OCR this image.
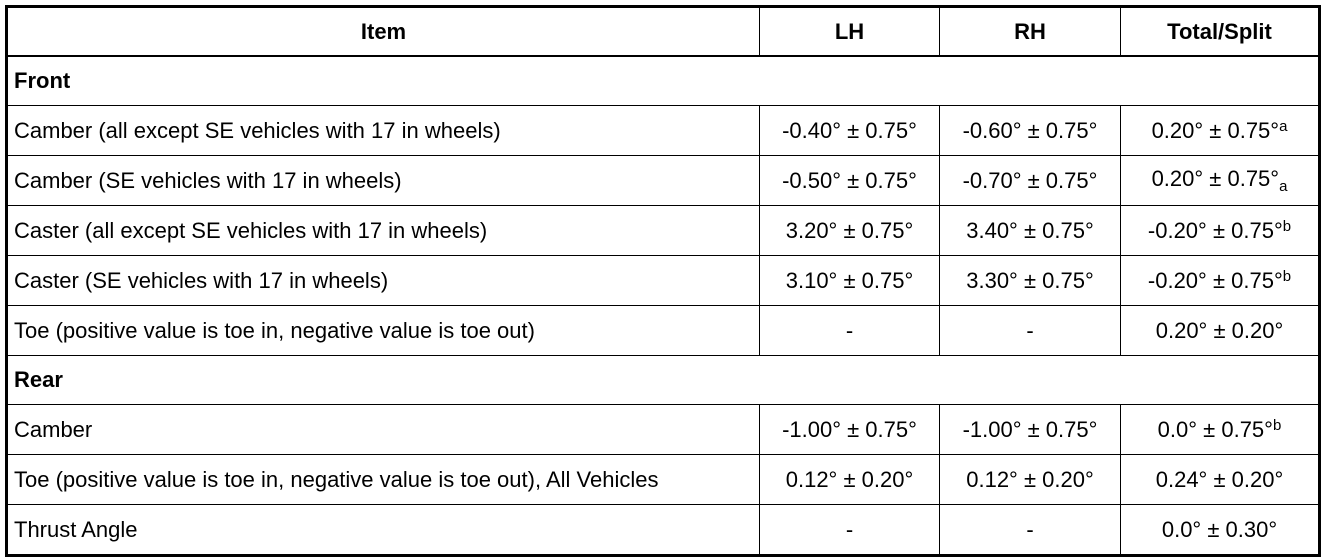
Item	LH	RH	Total/Split
Front			
Camber (all except SE vehicles with 17 in wheels)	-0.40° ± 0.75°	-0.60° ± 0.75°	0.20° ± 0.75°$^a$
Camber (SE vehicles with 17 in wheels)	-0.50° ± 0.75°	-0.70° ± 0.75°	$0.20^\circ \pm 0.75^\circ_a$
Caster (all except SE vehicles with 17 in wheels)	3.20° ± 0.75°	3.40° ± 0.75°	-0.20° ± 0.75°$^b$
Caster (SE vehicles with 17 in wheels)	3.10° ± 0.75°	3.30° ± 0.75°	-0.20° ± 0.75°$^b$
Toe (positive value is toe in, negative value is toe out)	-	-	0.20° ± 0.20°
Rear			
Camber	-1.00° ± 0.75°	-1.00° ± 0.75°	0.0° ± 0.75°$^b$
Toe (positive value is toe in, negative value is toe out), All Vehicles	0.12° ± 0.20°	0.12° ± 0.20°	0.24° ± 0.20°
Thrust Angle	-	-	0.0° ± 0.30°
